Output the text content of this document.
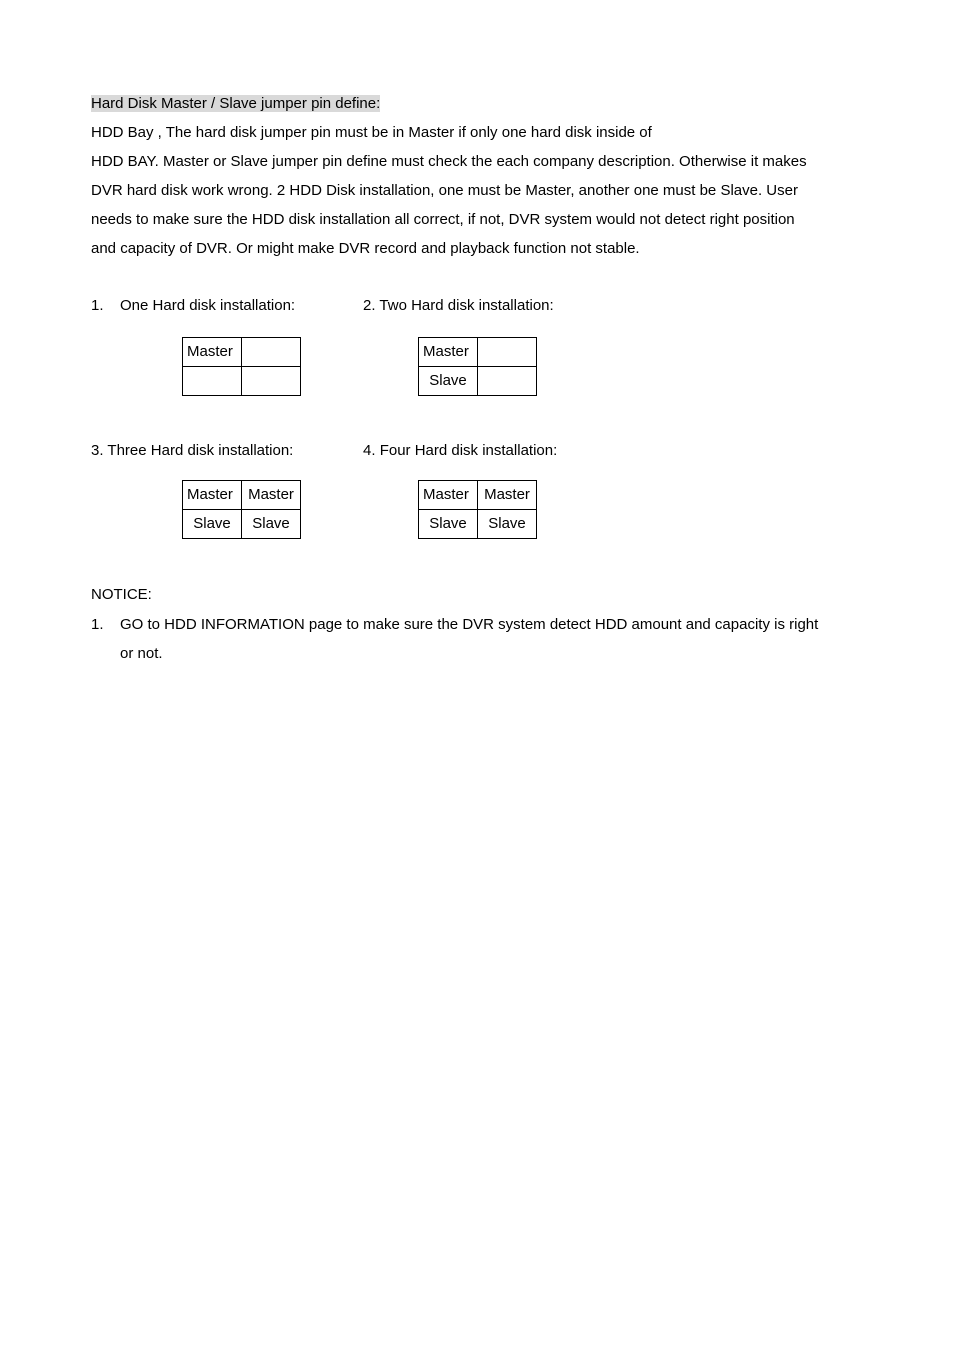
Hard Disk Master / Slave jumper pin define:
HDD Bay , The hard disk jumper pin must be in Master if only one hard disk inside of
HDD BAY. Master or Slave jumper pin define must check the each company description. Otherwise it makes
DVR hard disk work wrong. 2 HDD Disk installation, one must be Master, another one must be Slave. User
needs to make sure the HDD disk installation all correct, if not, DVR system would not detect right position
and capacity of DVR. Or might make DVR record and playback function not stable.
1. One Hard disk installation:
Master	

2. Two Hard disk installation:
Master	
Slave	
3. Three Hard disk installation:
Master	Master
Slave	Slave
4. Four Hard disk installation:
Master	Master
Slave	Slave
NOTICE:
1. GO to HDD INFORMATION page to make sure the DVR system detect HDD amount and capacity is right
or not.
